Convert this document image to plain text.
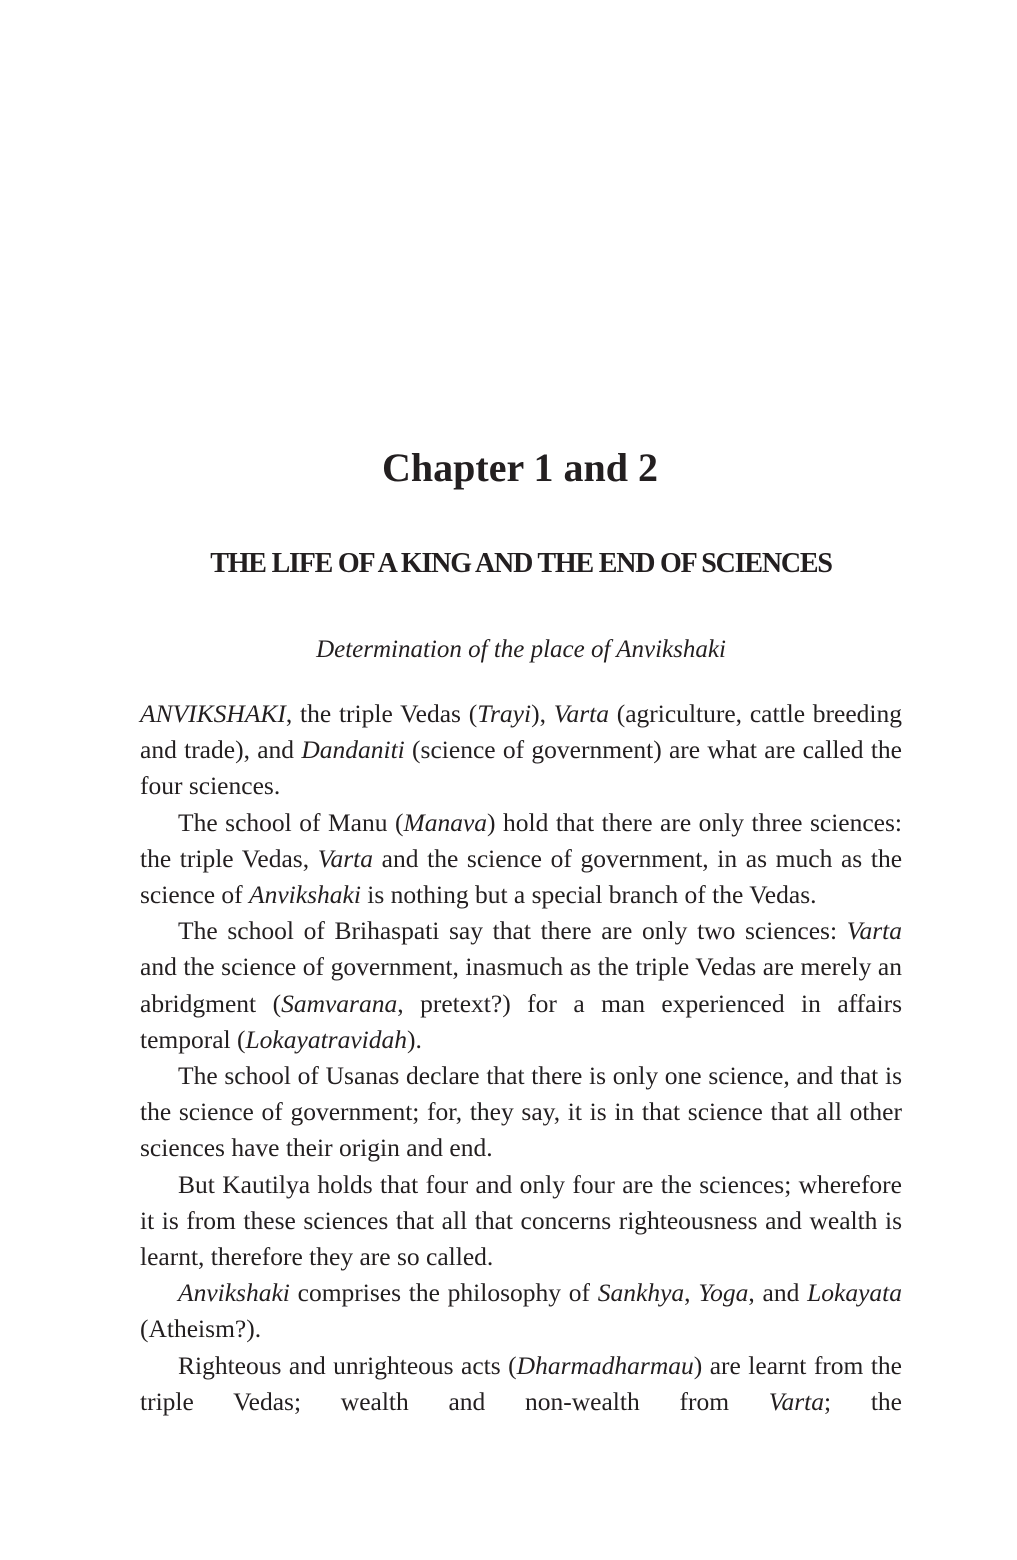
Chapter 1 and 2
THE LIFE OF A KING AND THE END OF SCIENCES

Determination of the place of Anvikshaki

ANVIKSHAKI, the triple Vedas (Trayi), Varta (agriculture, cattle breeding and trade), and Dandaniti (science of government) are what are called the four sciences.

The school of Manu (Manava) hold that there are only three sciences: the triple Vedas, Varta and the science of government, in as much as the science of Anvikshaki is nothing but a special branch of the Vedas.

The school of Brihaspati say that there are only two sciences: Varta and the science of government, inasmuch as the triple Vedas are merely an abridgment (Samvarana, pretext?) for a man experienced in affairs temporal (Lokayatravidah).

The school of Usanas declare that there is only one science, and that is the science of government; for, they say, it is in that science that all other sciences have their origin and end.

But Kautilya holds that four and only four are the sciences; wherefore it is from these sciences that all that concerns righteousness and wealth is learnt, therefore they are so called.

Anvikshaki comprises the philosophy of Sankhya, Yoga, and Lokayata (Atheism?).

Righteous and unrighteous acts (Dharmadharmau) are learnt from the triple Vedas; wealth and non-wealth from Varta; the
